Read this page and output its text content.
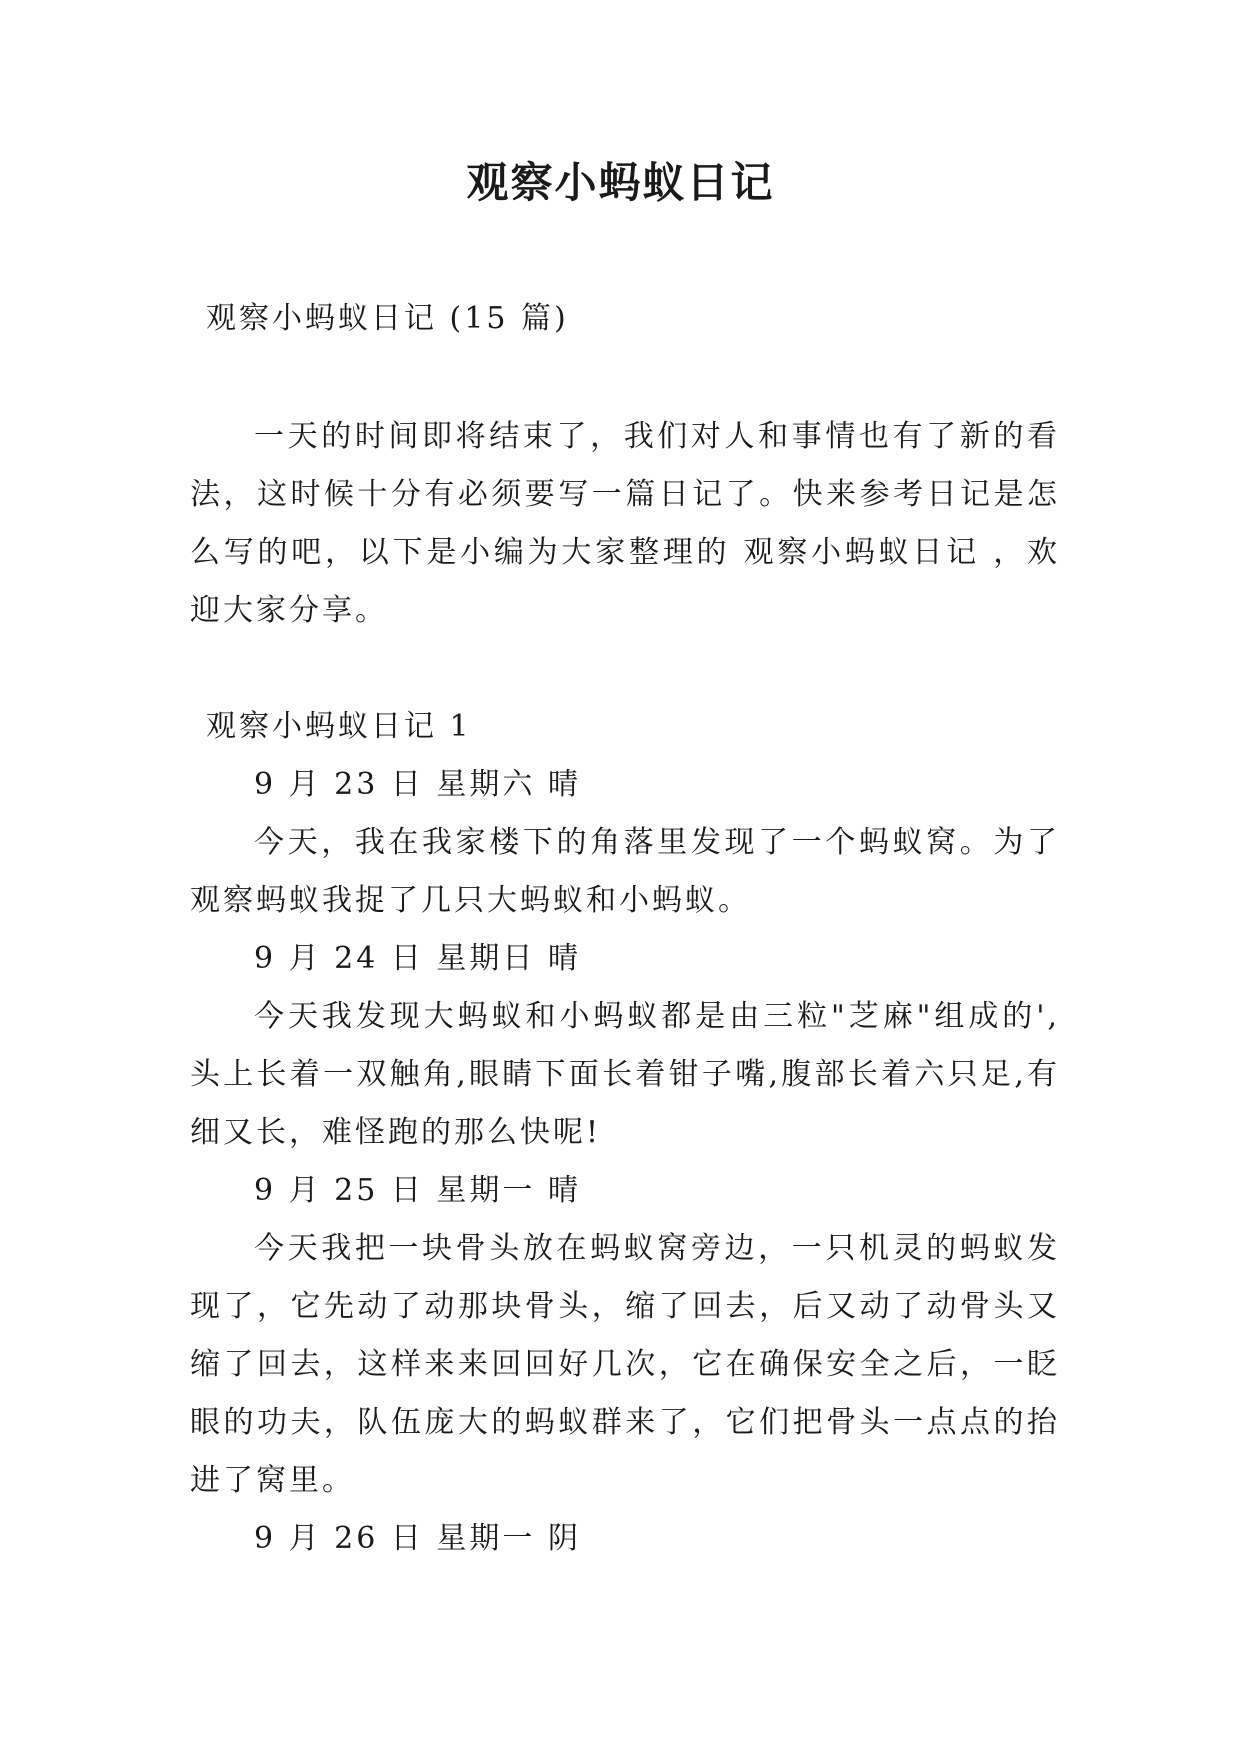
观察小蚂蚁日记

观察小蚂蚁日记 (15 篇)

一天的时间即将结束了，我们对人和事情也有了新的看法，这时候十分有必须要写一篇日记了。快来参考日记是怎么写的吧，以下是小编为大家整理的 观察小蚂蚁日记 ，欢迎大家分享。

观察小蚂蚁日记 1

9 月 23 日 星期六 晴

今天，我在我家楼下的角落里发现了一个蚂蚁窝。为了观察蚂蚁我捉了几只大蚂蚁和小蚂蚁。

9 月 24 日 星期日 晴

今天我发现大蚂蚁和小蚂蚁都是由三粒"芝麻"组成的',头上长着一双触角,眼睛下面长着钳子嘴,腹部长着六只足,有细又长，难怪跑的那么快呢!

9 月 25 日 星期一 晴

今天我把一块骨头放在蚂蚁窝旁边，一只机灵的蚂蚁发现了，它先动了动那块骨头，缩了回去，后又动了动骨头又缩了回去，这样来来回回好几次，它在确保安全之后，一眨眼的功夫，队伍庞大的蚂蚁群来了，它们把骨头一点点的抬进了窝里。

9 月 26 日 星期一 阴
